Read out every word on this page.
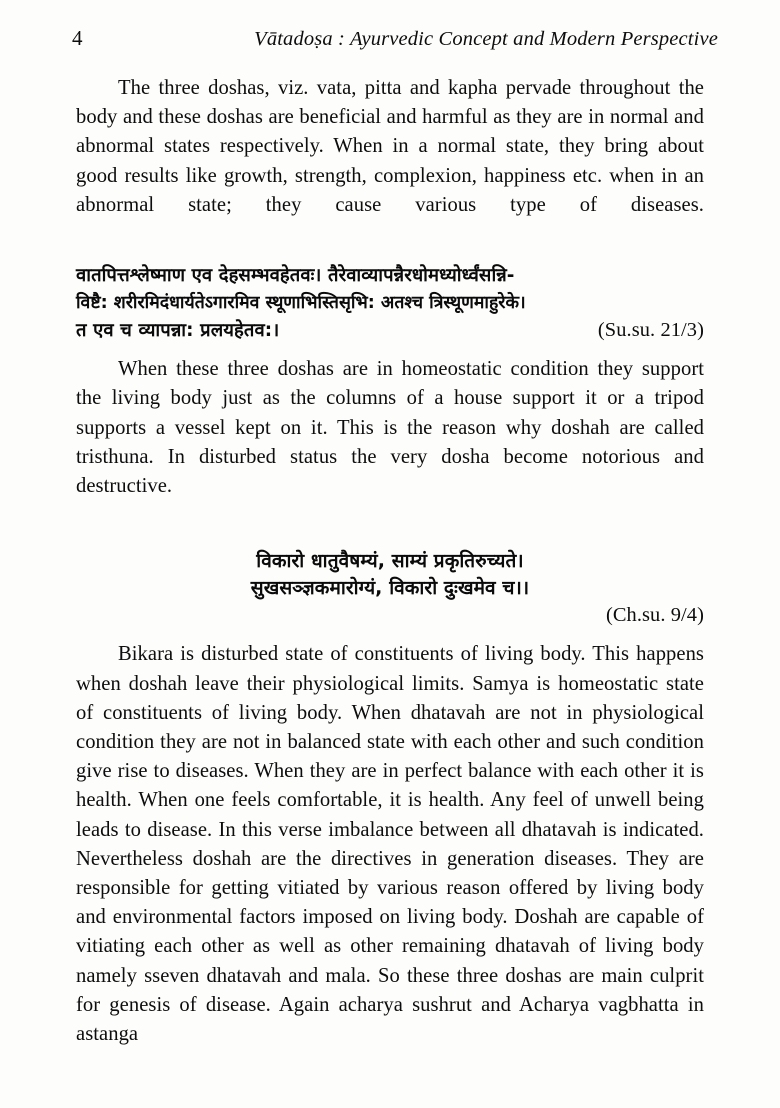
4	Vātadoṣa : Ayurvedic Concept and Modern Perspective

The three doshas, viz. vata, pitta and kapha pervade throughout the body and these doshas are beneficial and harmful as they are in normal and abnormal states respectively. When in a normal state, they bring about good results like growth, strength, complexion, happiness etc. when in an abnormal state; they cause various type of diseases.

वातपित्तश्लेष्माण एव देहसम्भवहेतवः। तैरेवाव्यापन्नैरधोमध्योर्ध्वंसन्नि-
विष्टै: शरीरमिदंधार्यतेऽगारमिव स्थूणाभिस्तिसृभि: अतश्च त्रिस्थूणमाहुरेके।
त एव च व्यापन्ना: प्रलयहेतव:।	(Su.su. 21/3)

When these three doshas are in homeostatic condition they support the living body just as the columns of a house support it or a tripod supports a vessel kept on it. This is the reason why doshah are called tristhuna. In disturbed status the very dosha become notorious and destructive.

विकारो धातुवैषम्यं, साम्यं प्रकृतिरुच्यते।
सुखसञ्ज्ञकमारोग्यं, विकारो दुःखमेव च।।
(Ch.su. 9/4)

Bikara is disturbed state of constituents of living body. This happens when doshah leave their physiological limits. Samya is homeostatic state of constituents of living body. When dhatavah are not in physiological condition they are not in balanced state with each other and such condition give rise to diseases. When they are in perfect balance with each other it is health. When one feels comfortable, it is health. Any feel of unwell being leads to disease. In this verse imbalance between all dhatavah is indicated. Nevertheless doshah are the directives in generation diseases. They are responsible for getting vitiated by various reason offered by living body and environmental factors imposed on living body. Doshah are capable of vitiating each other as well as other remaining dhatavah of living body namely sseven dhatavah and mala. So these three doshas are main culprit for genesis of disease. Again acharya sushrut and Acharya vagbhatta in astanga
